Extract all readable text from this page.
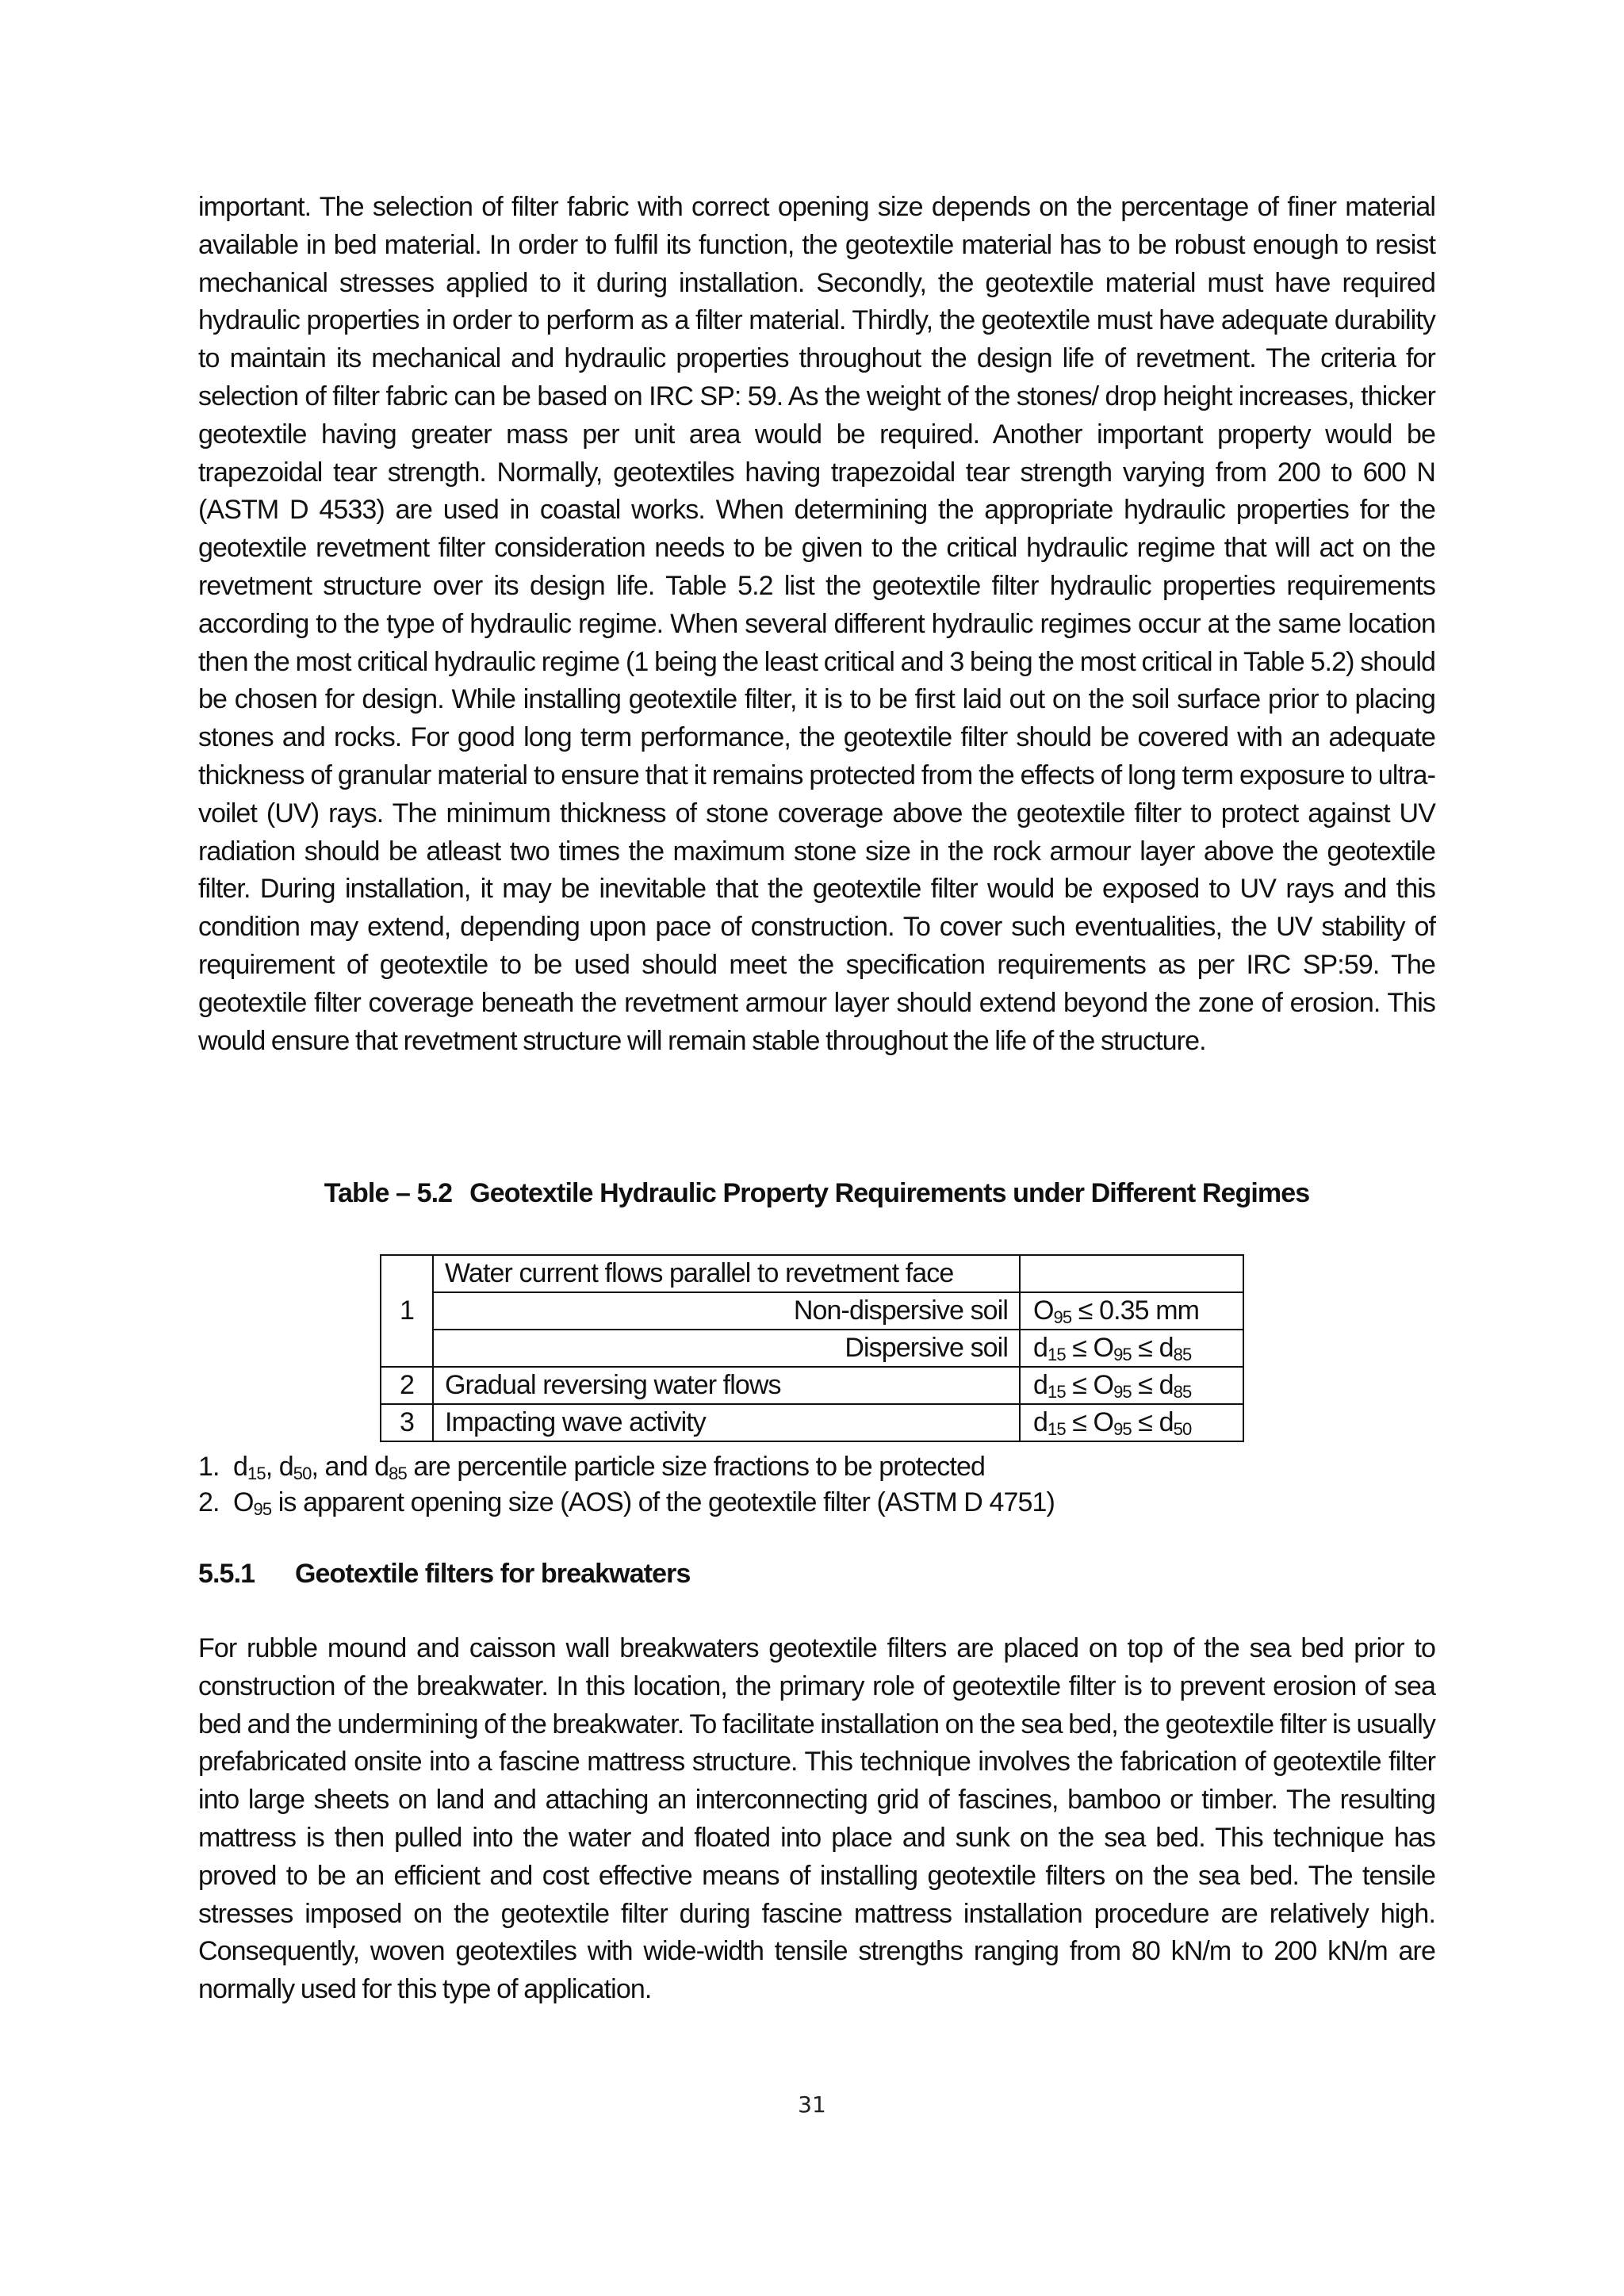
important. The selection of filter fabric with correct opening size depends on the percentage of finer material available in bed material. In order to fulfil its function, the geotextile material has to be robust enough to resist mechanical stresses applied to it during installation. Secondly, the geotextile material must have required hydraulic properties in order to perform as a filter material. Thirdly, the geotextile must have adequate durability to maintain its mechanical and hydraulic properties throughout the design life of revetment. The criteria for selection of filter fabric can be based on IRC SP: 59. As the weight of the stones/ drop height increases, thicker geotextile having greater mass per unit area would be required. Another important property would be trapezoidal tear strength. Normally, geotextiles having trapezoidal tear strength varying from 200 to 600 N (ASTM D 4533) are used in coastal works. When determining the appropriate hydraulic properties for the geotextile revetment filter consideration needs to be given to the critical hydraulic regime that will act on the revetment structure over its design life. Table 5.2 list the geotextile filter hydraulic properties requirements according to the type of hydraulic regime. When several different hydraulic regimes occur at the same location then the most critical hydraulic regime (1 being the least critical and 3 being the most critical in Table 5.2) should be chosen for design. While installing geotextile filter, it is to be first laid out on the soil surface prior to placing stones and rocks. For good long term performance, the geotextile filter should be covered with an adequate thickness of granular material to ensure that it remains protected from the effects of long term exposure to ultra-voilet (UV) rays. The minimum thickness of stone coverage above the geotextile filter to protect against UV radiation should be atleast two times the maximum stone size in the rock armour layer above the geotextile filter. During installation, it may be inevitable that the geotextile filter would be exposed to UV rays and this condition may extend, depending upon pace of construction. To cover such eventualities, the UV stability of requirement of geotextile to be used should meet the specification requirements as per IRC SP:59. The geotextile filter coverage beneath the revetment armour layer should extend beyond the zone of erosion. This would ensure that revetment structure will remain stable throughout the life of the structure.

Table – 5.2 Geotextile Hydraulic Property Requirements under Different Regimes

1	Water current flows parallel to revetment face	
	Non-dispersive soil	$O_{95} \le 0.35$ mm
	Dispersive soil	$d_{15} \le O_{95} \le d_{85}$
2	Gradual reversing water flows	$d_{15} \le O_{95} \le d_{85}$
3	Impacting wave activity	$d_{15} \le O_{95} \le d_{50}$
1. $d_{15}$, $d_{50}$, and $d_{85}$ are percentile particle size fractions to be protected
2. $O_{95}$ is apparent opening size (AOS) of the geotextile filter (ASTM D 4751)
5.5.1 Geotextile filters for breakwaters

For rubble mound and caisson wall breakwaters geotextile filters are placed on top of the sea bed prior to construction of the breakwater. In this location, the primary role of geotextile filter is to prevent erosion of sea bed and the undermining of the breakwater. To facilitate installation on the sea bed, the geotextile filter is usually prefabricated onsite into a fascine mattress structure. This technique involves the fabrication of geotextile filter into large sheets on land and attaching an interconnecting grid of fascines, bamboo or timber. The resulting mattress is then pulled into the water and floated into place and sunk on the sea bed. This technique has proved to be an efficient and cost effective means of installing geotextile filters on the sea bed. The tensile stresses imposed on the geotextile filter during fascine mattress installation procedure are relatively high. Consequently, woven geotextiles with wide-width tensile strengths ranging from 80 kN/m to 200 kN/m are normally used for this type of application.

31
